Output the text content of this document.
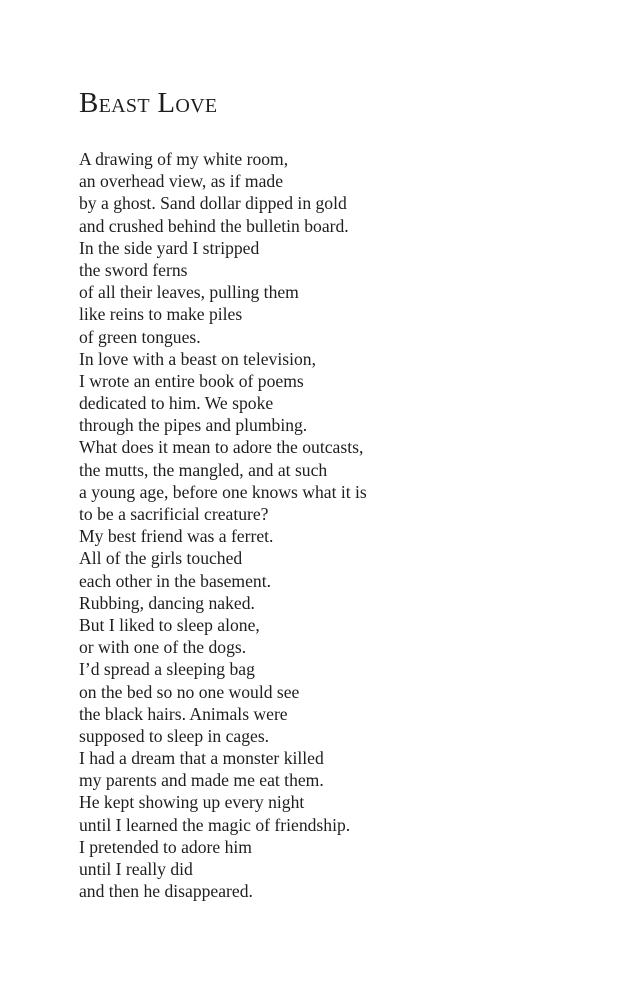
Beast Love
A drawing of my white room,
an overhead view, as if made
by a ghost. Sand dollar dipped in gold
and crushed behind the bulletin board.
In the side yard I stripped
the sword ferns
of all their leaves, pulling them
like reins to make piles
of green tongues.
In love with a beast on television,
I wrote an entire book of poems
dedicated to him. We spoke
through the pipes and plumbing.
What does it mean to adore the outcasts,
the mutts, the mangled, and at such
a young age, before one knows what it is
to be a sacrificial creature?
My best friend was a ferret.
All of the girls touched
each other in the basement.
Rubbing, dancing naked.
But I liked to sleep alone,
or with one of the dogs.
I’d spread a sleeping bag
on the bed so no one would see
the black hairs. Animals were
supposed to sleep in cages.
I had a dream that a monster killed
my parents and made me eat them.
He kept showing up every night
until I learned the magic of friendship.
I pretended to adore him
until I really did
and then he disappeared.
